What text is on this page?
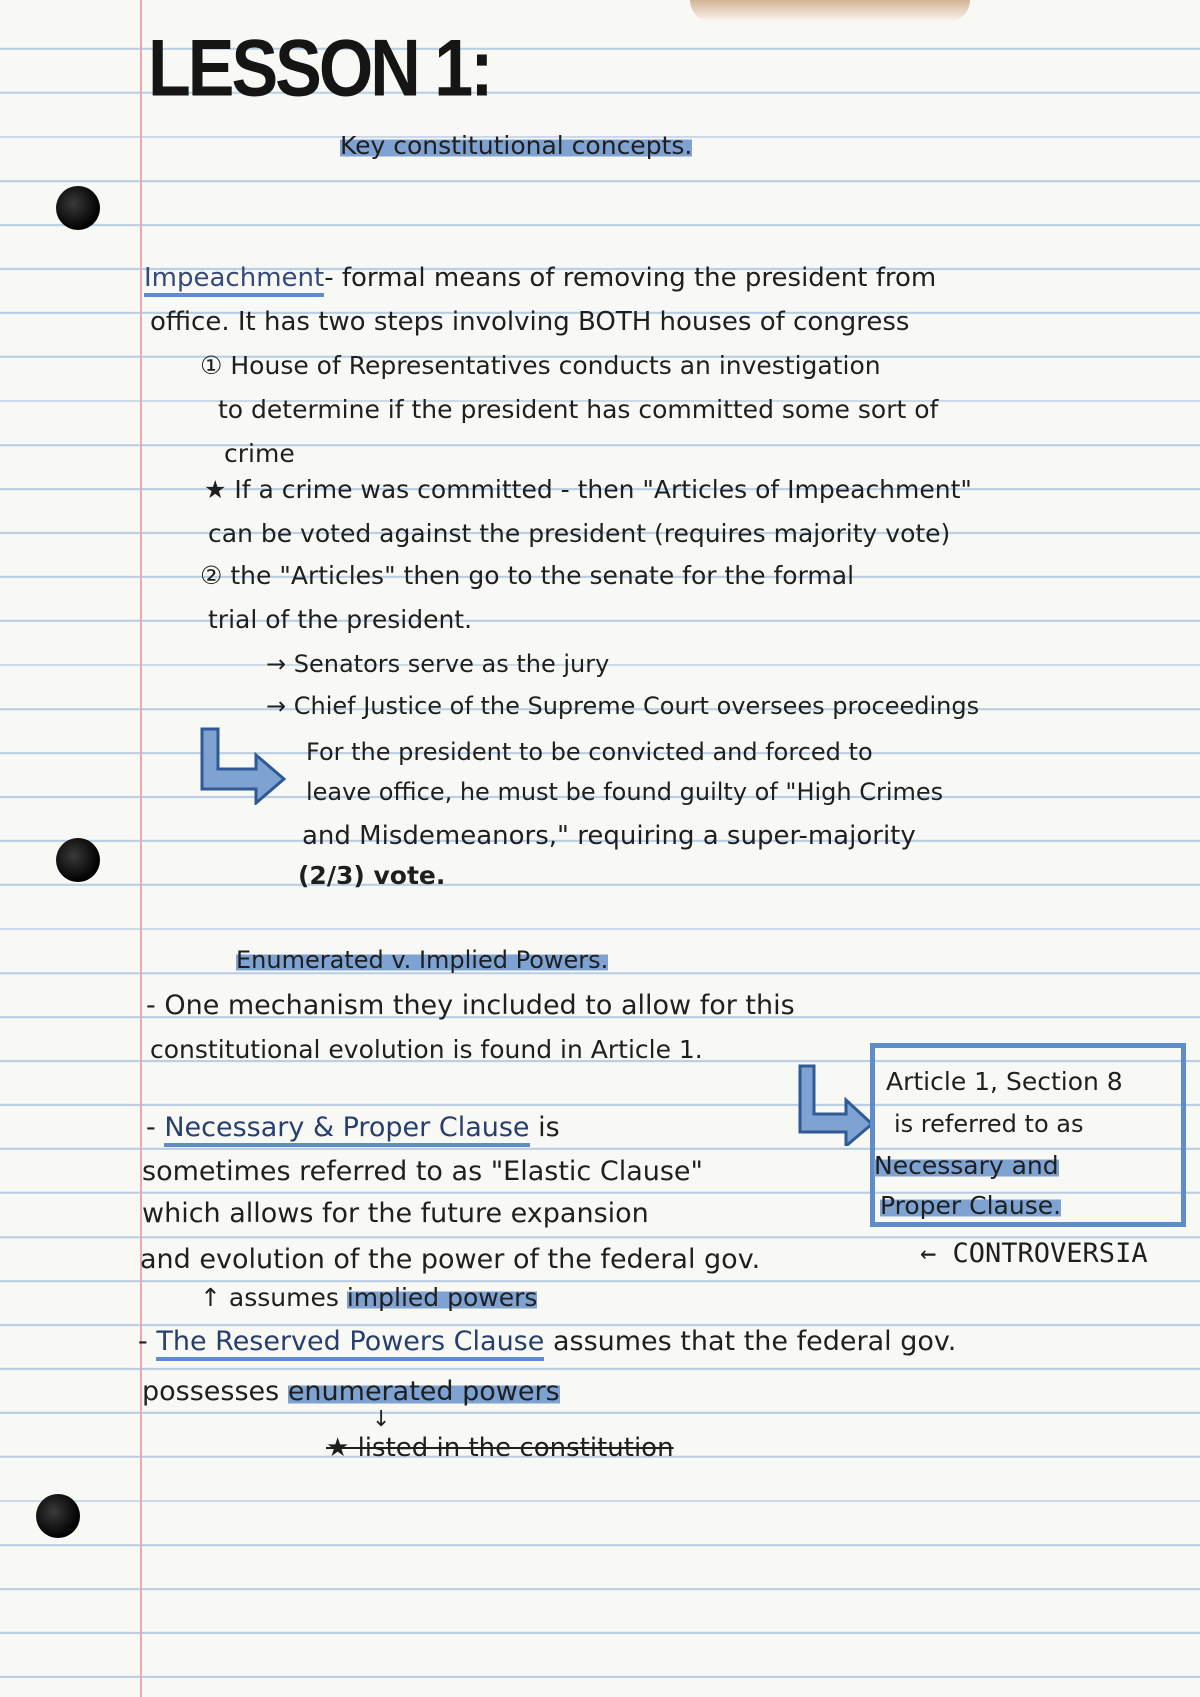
LESSON 1:
Key constitutional concepts.
Impeachment- formal means of removing the president from
office. It has two steps involving BOTH houses of congress
① House of Representatives conducts an investigation
to determine if the president has committed some sort of
crime
★ If a crime was committed - then "Articles of Impeachment"
can be voted against the president (requires majority vote)
② the "Articles" then go to the senate for the formal
trial of the president.
→ Senators serve as the jury
→ Chief Justice of the Supreme Court oversees proceedings
For the president to be convicted and forced to
leave office, he must be found guilty of "High Crimes
and Misdemeanors," requiring a super-majority
(2/3) vote.
Enumerated v. Implied Powers.
- One mechanism they included to allow for this
constitutional evolution is found in Article 1.
Article 1, Section 8
is referred to as
Necessary and
Proper Clause.
- Necessary & Proper Clause is
sometimes referred to as "Elastic Clause"
which allows for the future expansion
and evolution of the power of the federal gov.	← CONTROVERSIA
↑ assumes implied powers
- The Reserved Powers Clause assumes that the federal gov.
possesses enumerated powers
↓
★ listed in the constitution
